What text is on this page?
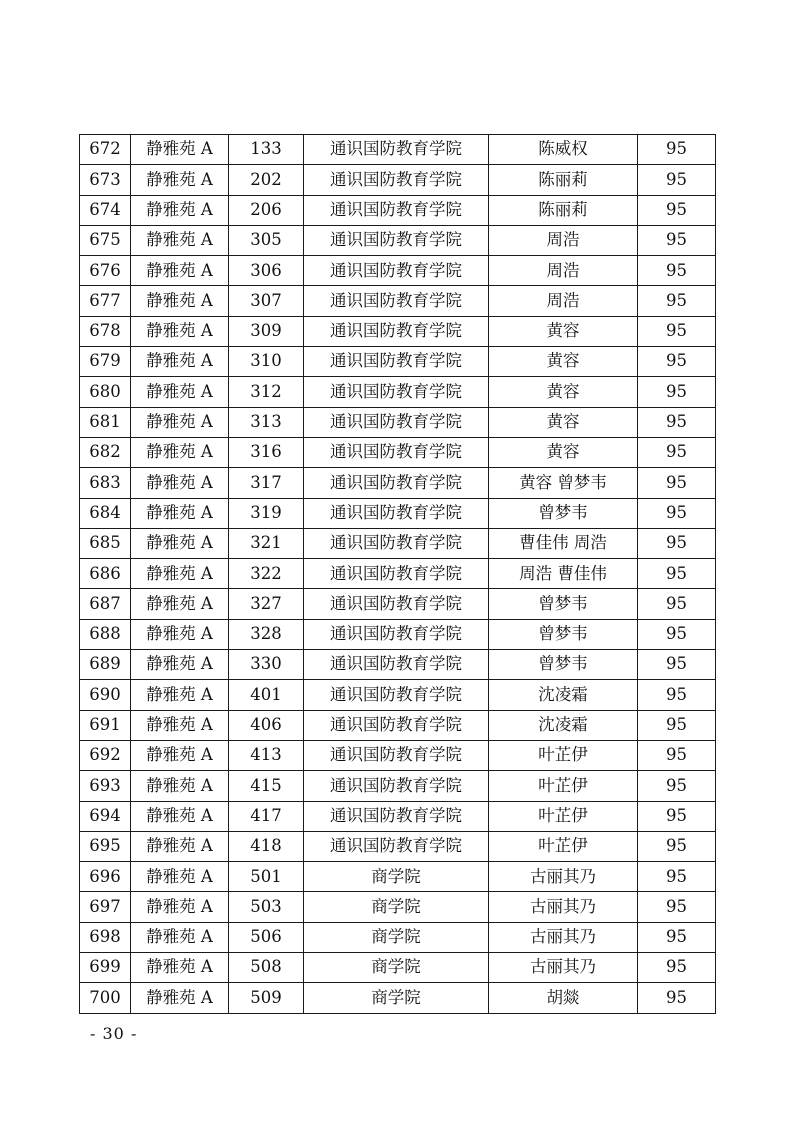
672	静雅苑 A	133	通识国防教育学院	陈威权	95
673	静雅苑 A	202	通识国防教育学院	陈丽莉	95
674	静雅苑 A	206	通识国防教育学院	陈丽莉	95
675	静雅苑 A	305	通识国防教育学院	周浩	95
676	静雅苑 A	306	通识国防教育学院	周浩	95
677	静雅苑 A	307	通识国防教育学院	周浩	95
678	静雅苑 A	309	通识国防教育学院	黄容	95
679	静雅苑 A	310	通识国防教育学院	黄容	95
680	静雅苑 A	312	通识国防教育学院	黄容	95
681	静雅苑 A	313	通识国防教育学院	黄容	95
682	静雅苑 A	316	通识国防教育学院	黄容	95
683	静雅苑 A	317	通识国防教育学院	黄容 曾梦韦	95
684	静雅苑 A	319	通识国防教育学院	曾梦韦	95
685	静雅苑 A	321	通识国防教育学院	曹佳伟 周浩	95
686	静雅苑 A	322	通识国防教育学院	周浩 曹佳伟	95
687	静雅苑 A	327	通识国防教育学院	曾梦韦	95
688	静雅苑 A	328	通识国防教育学院	曾梦韦	95
689	静雅苑 A	330	通识国防教育学院	曾梦韦	95
690	静雅苑 A	401	通识国防教育学院	沈凌霜	95
691	静雅苑 A	406	通识国防教育学院	沈凌霜	95
692	静雅苑 A	413	通识国防教育学院	叶芷伊	95
693	静雅苑 A	415	通识国防教育学院	叶芷伊	95
694	静雅苑 A	417	通识国防教育学院	叶芷伊	95
695	静雅苑 A	418	通识国防教育学院	叶芷伊	95
696	静雅苑 A	501	商学院	古丽其乃	95
697	静雅苑 A	503	商学院	古丽其乃	95
698	静雅苑 A	506	商学院	古丽其乃	95
699	静雅苑 A	508	商学院	古丽其乃	95
700	静雅苑 A	509	商学院	胡燚	95
- 30 -
